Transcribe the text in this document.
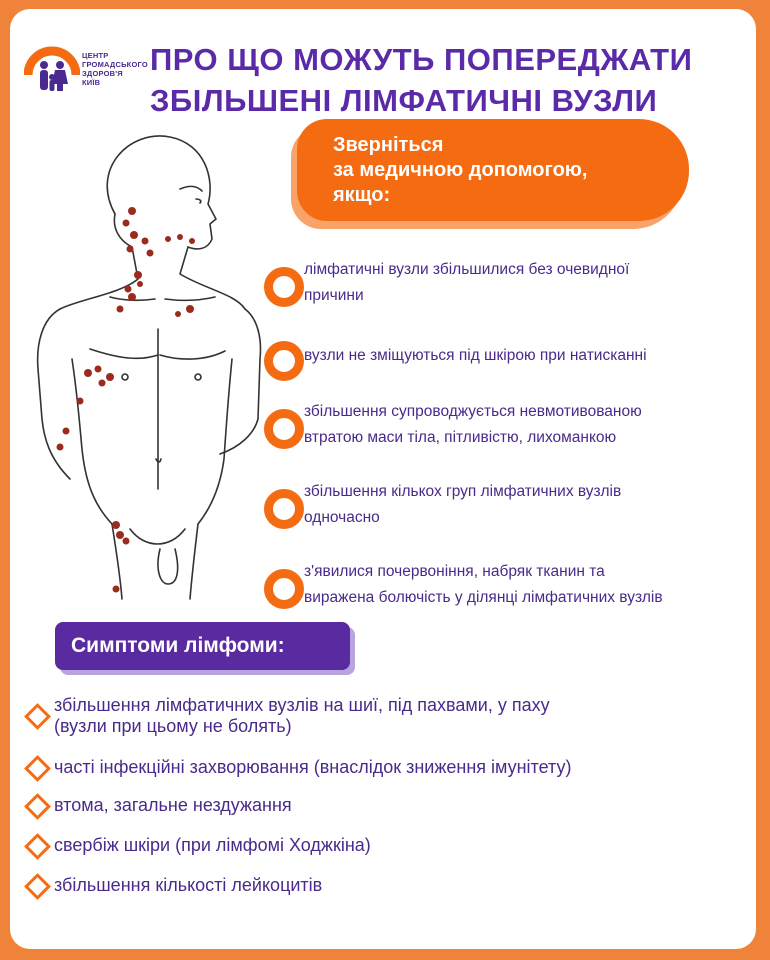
ЦЕНТР
ГРОМАДСЬКОГО
ЗДОРОВ'Я
КИЇВ
ПРО ЩО МОЖУТЬ ПОПЕРЕДЖАТИ
ЗБІЛЬШЕНІ ЛІМФАТИЧНІ ВУЗЛИ
Зверніться
за медичною допомогою,
якщо:
лімфатичні вузли збільшилися без очевидної
причини
вузли не зміщуються під шкірою при натисканні
збільшення супроводжується невмотивованою
втратою маси тіла, пітливістю, лихоманкою
збільшення кількох груп лімфатичних вузлів
одночасно
з'явилися почервоніння, набряк тканин та
виражена болючість у ділянці лімфатичних вузлів
Симптоми лімфоми:
збільшення лімфатичних вузлів на шиї, під пахвами, у паху
(вузли при цьому не болять)
часті інфекційні захворювання (внаслідок зниження імунітету)
втома, загальне нездужання
свербіж шкіри (при лімфомі Ходжкіна)
збільшення кількості лейкоцитів
